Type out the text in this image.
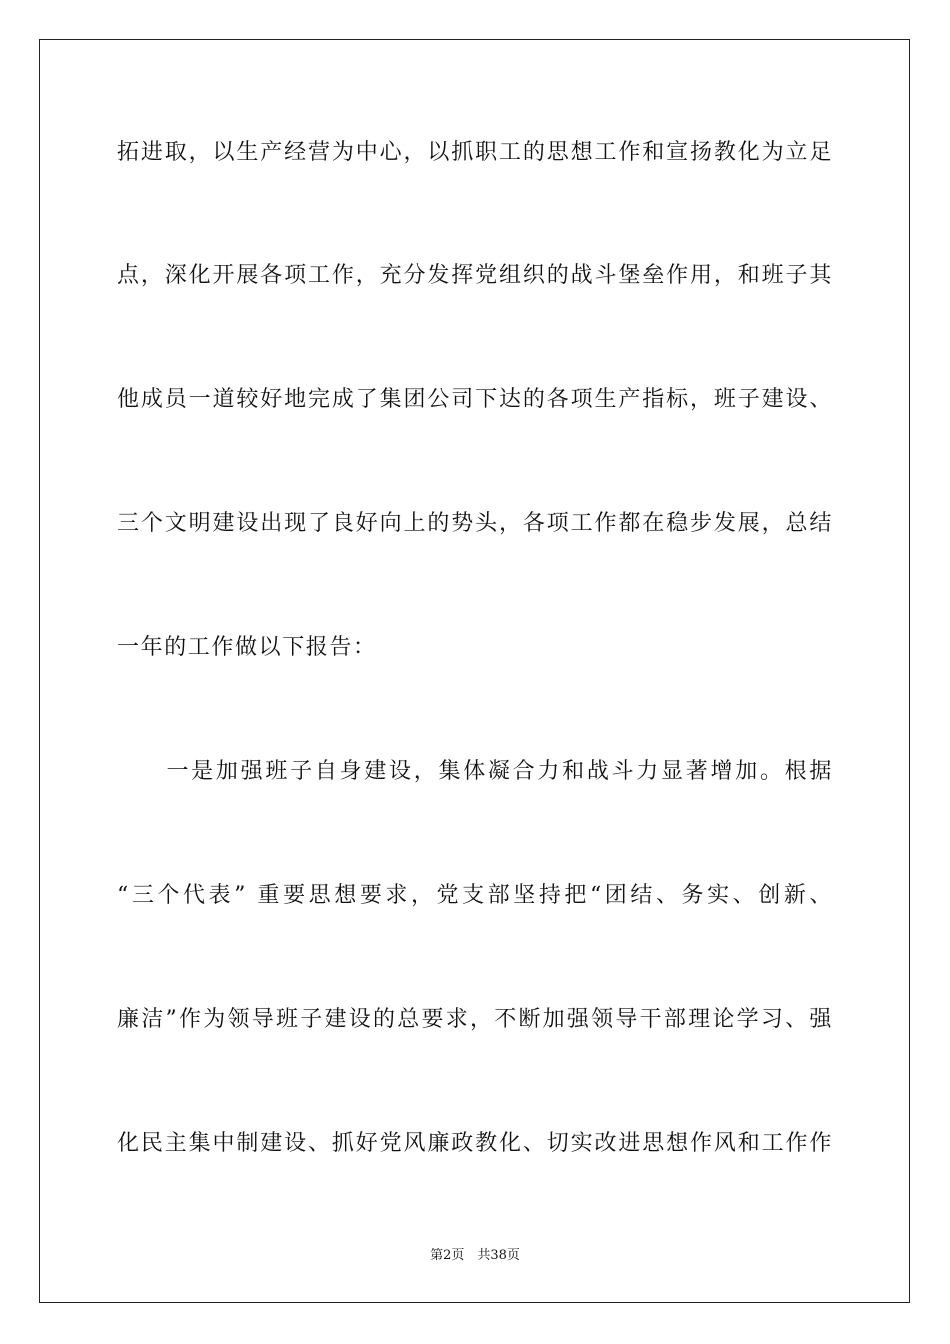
拓进取，以生产经营为中心，以抓职工的思想工作和宣扬教化为立足
点，深化开展各项工作，充分发挥党组织的战斗堡垒作用，和班子其
他成员一道较好地完成了集团公司下达的各项生产指标，班子建设、
三个文明建设出现了良好向上的势头，各项工作都在稳步发展，总结
一年的工作做以下报告：
　　一是加强班子自身建设，集体凝合力和战斗力显著增加。根据
“三个代表” 重要思想要求，党支部坚持把“团结、务实、创新、
廉洁”作为领导班子建设的总要求，不断加强领导干部理论学习、强
化民主集中制建设、抓好党风廉政教化、切实改进思想作风和工作作
第2页　共38页
